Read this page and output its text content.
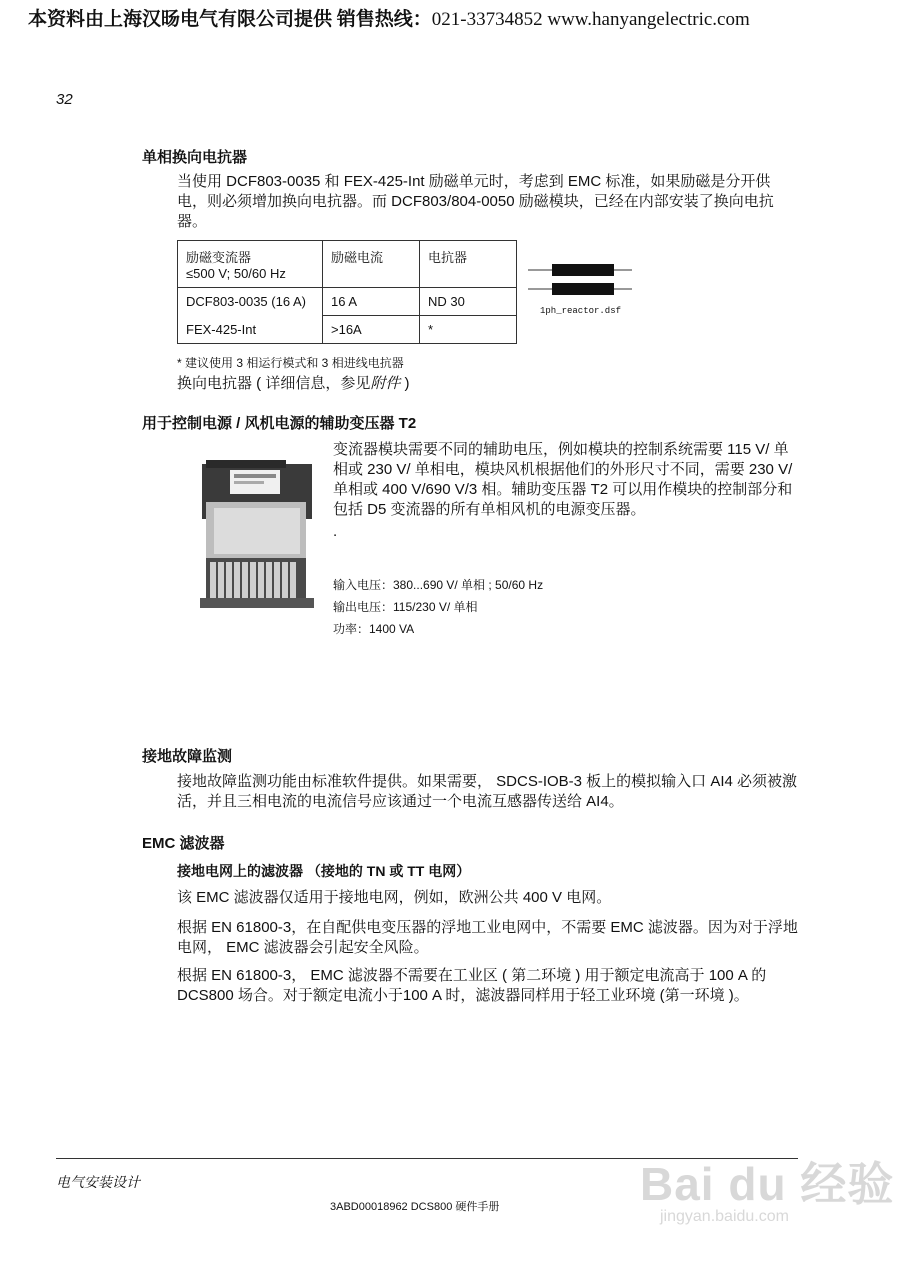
本资料由上海汉旸电气有限公司提供 销售热线：021-33734852 www.hanyangelectric.com
32
单相换向电抗器

当使用 DCF803-0035 和 FEX-425-Int 励磁单元时，考虑到 EMC 标准，如果励磁是分开供电，则必须增加换向电抗器。而 DCF803/804-0050 励磁模块，已经在内部安装了换向电抗器。

励磁变流器
≤500 V; 50/60 Hz	励磁电流	电抗器
DCF803-0035 (16 A)	16 A	ND 30
FEX-425-Int	>16A	*
1ph_reactor.dsf
* 建议使用 3 相运行模式和 3 相进线电抗器
换向电抗器 ( 详细信息，参见附件 )
用于控制电源 / 风机电源的辅助变压器 T2

变流器模块需要不同的辅助电压，例如模块的控制系统需要 115 V/ 单相或 230 V/ 单相电，模块风机根据他们的外形尺寸不同，需要 230 V/ 单相或 400 V/690 V/3 相。辅助变压器 T2 可以用作模块的控制部分和 包括 D5 变流器的所有单相风机的电源变压器。

.
输入电压：380...690 V/ 单相 ; 50/60 Hz
输出电压：115/230 V/ 单相
功率：1400 VA
接地故障监测

接地故障监测功能由标准软件提供。如果需要， SDCS-IOB-3 板上的模拟输入口 AI4 必须被激活，并且三相电流的电流信号应该通过一个电流互感器传送给 AI4。

EMC 滤波器
接地电网上的滤波器 （接地的 TN 或 TT 电网）

该 EMC 滤波器仅适用于接地电网，例如，欧洲公共 400 V 电网。

根据 EN 61800-3，在自配供电变压器的浮地工业电网中，不需要 EMC 滤波器。因为对于浮地电网， EMC 滤波器会引起安全风险。

根据 EN 61800-3， EMC 滤波器不需要在工业区 ( 第二环境 ) 用于额定电流高于 100 A 的DCS800 场合。对于额定电流小于100 A 时，滤波器同样用于轻工业环境 (第一环境 )。

电气安装设计
3ABD00018962 DCS800 硬件手册	Bai du 经验
jingyan.baidu.com
